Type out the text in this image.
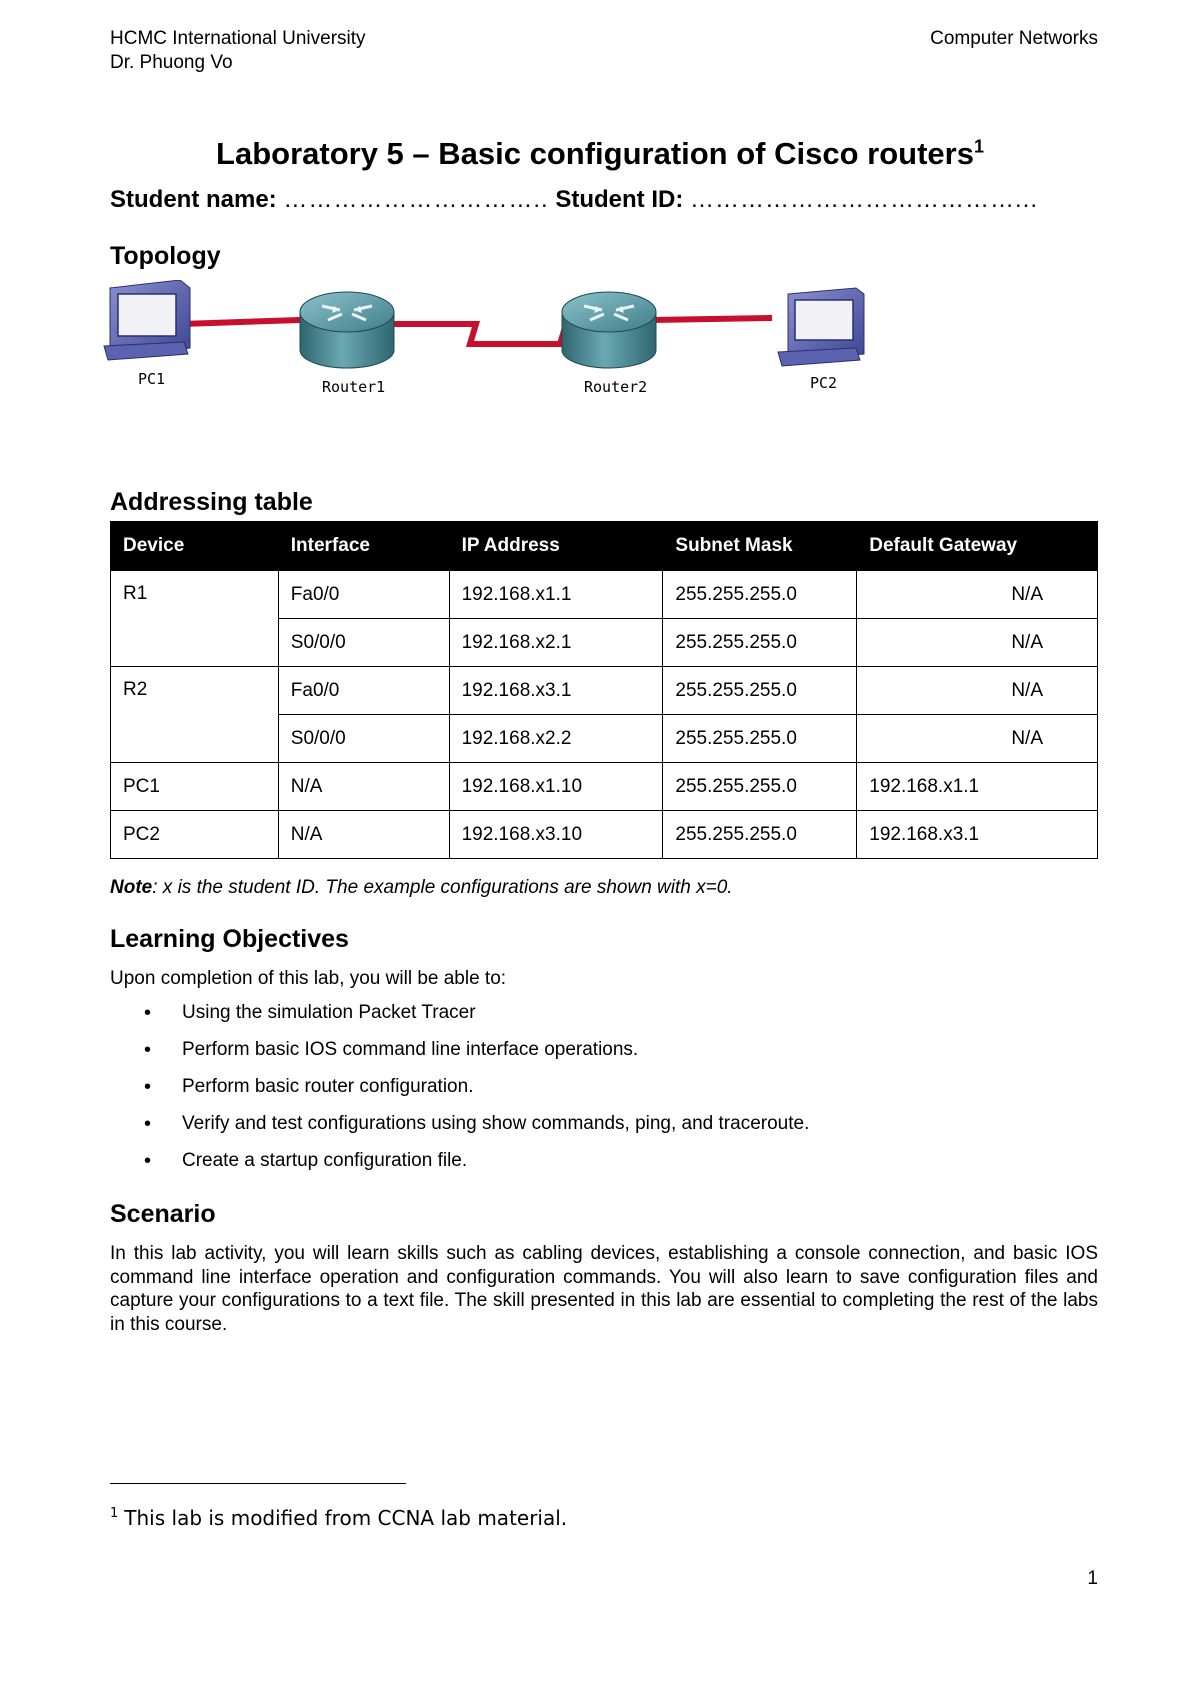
HCMC International University
Dr. Phuong Vo
Computer Networks
Laboratory 5 – Basic configuration of Cisco routers$^1$
Student name: ………………………….. Student ID: …………………………………...
Topology
PC1	Router1	Router2	PC2
Addressing table
Device	Interface	IP Address	Subnet Mask	Default Gateway
R1	Fa0/0	192.168.x1.1	255.255.255.0	N/A
	S0/0/0	192.168.x2.1	255.255.255.0	N/A
R2	Fa0/0	192.168.x3.1	255.255.255.0	N/A
	S0/0/0	192.168.x2.2	255.255.255.0	N/A
PC1	N/A	192.168.x1.10	255.255.255.0	192.168.x1.1
PC2	N/A	192.168.x3.10	255.255.255.0	192.168.x3.1
Note: x is the student ID. The example configurations are shown with x=0.
Learning Objectives
Upon completion of this lab, you will be able to:
• Using the simulation Packet Tracer
• Perform basic IOS command line interface operations.
• Perform basic router configuration.
• Verify and test configurations using show commands, ping, and traceroute.
• Create a startup configuration file.
Scenario
In this lab activity, you will learn skills such as cabling devices, establishing a console connection, and basic IOS command line interface operation and configuration commands. You will also learn to save configuration files and capture your configurations to a text file. The skill presented in this lab are essential to completing the rest of the labs in this course.
$^1$ This lab is modified from CCNA lab material.
1
